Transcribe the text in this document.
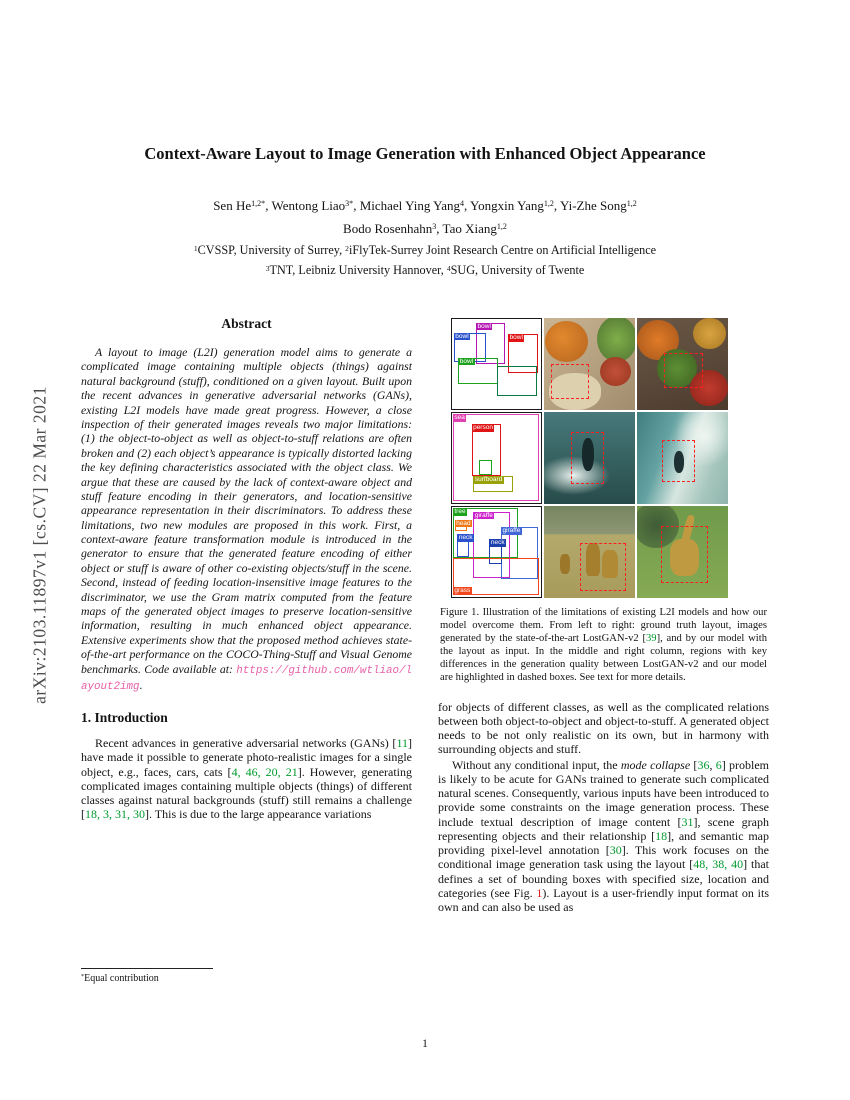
arXiv:2103.11897v1 [cs.CV] 22 Mar 2021
Context-Aware Layout to Image Generation with Enhanced Object Appearance
Sen $He^{1,2*}$, Wentong Liao$^{3*}$, Michael Ying Yang$^4$, Yongxin Yang$^{1,2}$, Yi-Zhe Song$^{1,2}$
Bodo Rosenhahn$^3$, Tao Xiang$^{1,2}$
$^1$CVSSP, University of Surrey, $^2$iFlyTek-Surrey Joint Research Centre on Artificial Intelligence
$^3$TNT, Leibniz University Hannover, $^4$SUG, University of Twente
Abstract

A layout to image (L2I) generation model aims to generate a complicated image containing multiple objects (things) against natural background (stuff), conditioned on a given layout. Built upon the recent advances in generative adversarial networks (GANs), existing L2I models have made great progress. However, a close inspection of their generated images reveals two major limitations: (1) the object-to-object as well as object-to-stuff relations are often broken and (2) each object’s appearance is typically distorted lacking the key defining characteristics associated with the object class. We argue that these are caused by the lack of context-aware object and stuff feature encoding in their generators, and location-sensitive appearance representation in their discriminators. To address these limitations, two new modules are proposed in this work. First, a context-aware feature transformation module is introduced in the generator to ensure that the generated feature encoding of either object or stuff is aware of other co-existing objects/stuff in the scene. Second, instead of feeding location-insensitive image features to the discriminator, we use the Gram matrix computed from the feature maps of the generated object images to preserve location-sensitive information, resulting in much enhanced object appearance. Extensive experiments show that the proposed method achieves state-of-the-art performance on the COCO-Thing-Stuff and Visual Genome benchmarks. Code available at: https://github.com/wtliao/layout2img.

1. Introduction

Recent advances in generative adversarial networks (GANs) [11] have made it possible to generate photo-realistic images for a single object, e.g., faces, cars, cats [4, 46, 20, 21]. However, generating complicated images containing multiple objects (things) of different classes against natural backgrounds (stuff) still remains a challenge [18, 3, 31, 30]. This is due to the large appearance variations

bowl
bowl
bowl
bowl
sea
person
surfboard
tree
giraffe
head
neck
giraffe
neck
grass

Figure 1. Illustration of the limitations of existing L2I models and how our model overcome them. From left to right: ground truth layout, images generated by the state-of-the-art LostGAN-v2 [39], and by our model with the layout as input. In the middle and right column, regions with key differences in the generation quality between LostGAN-v2 and our model are highlighted in dashed boxes. See text for more details.

for objects of different classes, as well as the complicated relations between both object-to-object and object-to-stuff. A generated object needs to be not only realistic on its own, but in harmony with surrounding objects and stuff.

Without any conditional input, the mode collapse [36, 6] problem is likely to be acute for GANs trained to generate such complicated natural scenes. Consequently, various inputs have been introduced to provide some constraints on the image generation process. These include textual description of image content [31], scene graph representing objects and their relationship [18], and semantic map providing pixel-level annotation [30]. This work focuses on the conditional image generation task using the layout [48, 38, 40] that defines a set of bounding boxes with specified size, location and categories (see Fig. 1). Layout is a user-friendly input format on its own and can also be used as

*Equal contribution
1
